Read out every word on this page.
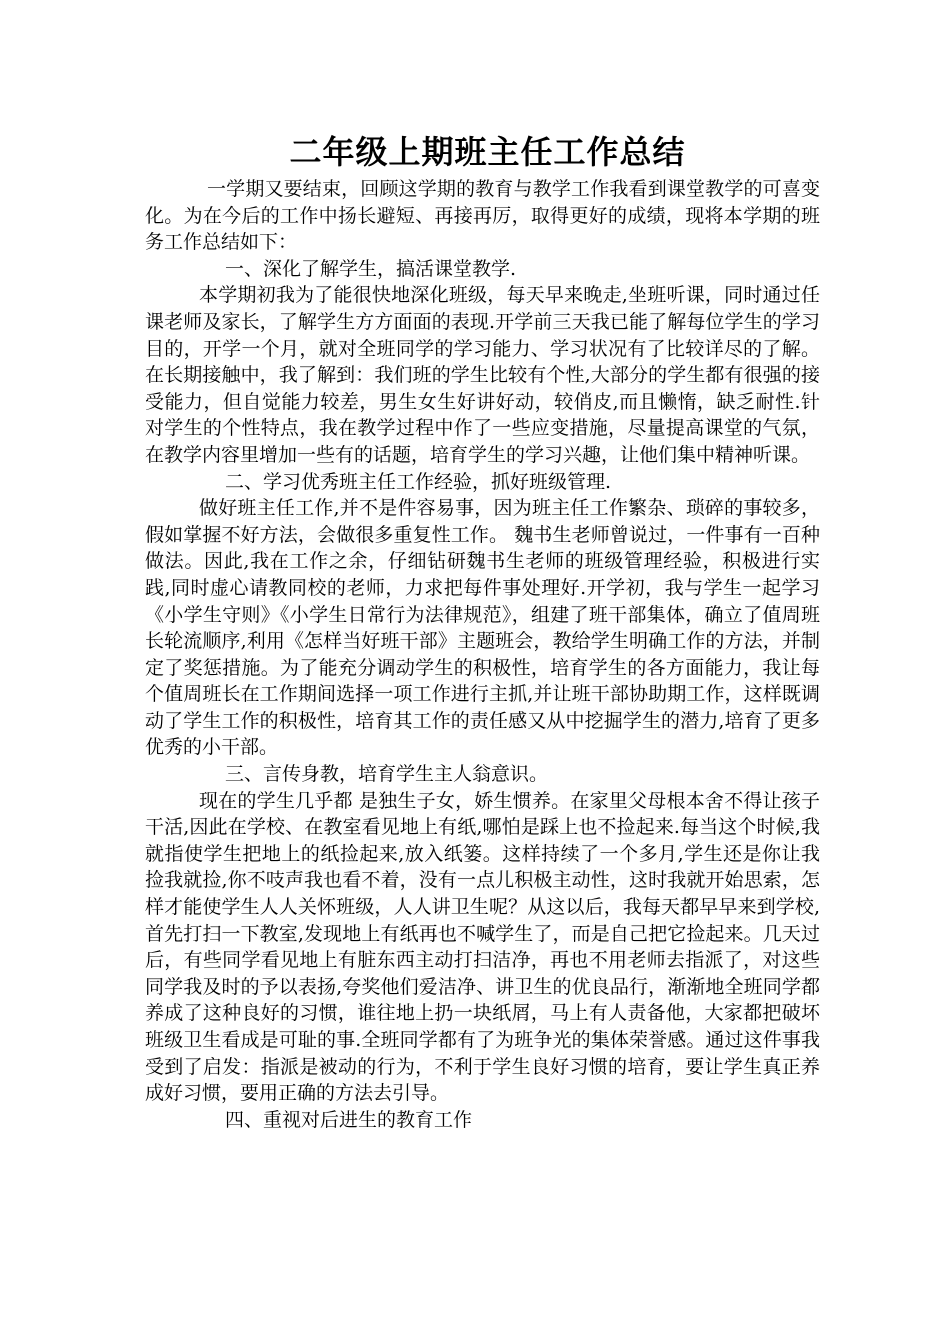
二年级上期班主任工作总结

一学期又要结束，回顾这学期的教育与教学工作我看到课堂教学的可喜变化。为在今后的工作中扬长避短、再接再厉，取得更好的成绩，现将本学期的班务工作总结如下：

一、深化了解学生，搞活课堂教学.

本学期初我为了能很快地深化班级，每天早来晚走,坐班听课，同时通过任课老师及家长，了解学生方方面面的表现.开学前三天我已能了解每位学生的学习目的，开学一个月，就对全班同学的学习能力、学习状况有了比较详尽的了解。在长期接触中，我了解到：我们班的学生比较有个性,大部分的学生都有很强的接受能力，但自觉能力较差，男生女生好讲好动，较俏皮,而且懒惰，缺乏耐性.针对学生的个性特点，我在教学过程中作了一些应变措施，尽量提高课堂的气氛，在教学内容里增加一些有的话题，培育学生的学习兴趣，让他们集中精神听课。

二、学习优秀班主任工作经验，抓好班级管理.

做好班主任工作,并不是件容易事，因为班主任工作繁杂、琐碎的事较多，假如掌握不好方法，会做很多重复性工作。 魏书生老师曾说过，一件事有一百种做法。因此,我在工作之余，仔细钻研魏书生老师的班级管理经验，积极进行实践,同时虚心请教同校的老师，力求把每件事处理好.开学初，我与学生一起学习《小学生守则》《小学生日常行为法律规范》，组建了班干部集体，确立了值周班长轮流顺序,利用《怎样当好班干部》主题班会，教给学生明确工作的方法，并制定了奖惩措施。为了能充分调动学生的积极性，培育学生的各方面能力，我让每个值周班长在工作期间选择一项工作进行主抓,并让班干部协助期工作，这样既调动了学生工作的积极性，培育其工作的责任感又从中挖掘学生的潜力,培育了更多优秀的小干部。

三、言传身教，培育学生主人翁意识。

现在的学生几乎都 是独生子女，娇生惯养。在家里父母根本舍不得让孩子干活,因此在学校、在教室看见地上有纸,哪怕是踩上也不捡起来.每当这个时候,我就指使学生把地上的纸捡起来,放入纸篓。这样持续了一个多月,学生还是你让我捡我就捡,你不吱声我也看不着，没有一点儿积极主动性，这时我就开始思索，怎样才能使学生人人关怀班级，人人讲卫生呢？从这以后，我每天都早早来到学校,首先打扫一下教室,发现地上有纸再也不喊学生了，而是自己把它捡起来。几天过后，有些同学看见地上有脏东西主动打扫洁净，再也不用老师去指派了，对这些同学我及时的予以表扬,夸奖他们爱洁净、讲卫生的优良品行，渐渐地全班同学都养成了这种良好的习惯，谁往地上扔一块纸屑，马上有人责备他，大家都把破坏班级卫生看成是可耻的事.全班同学都有了为班争光的集体荣誉感。通过这件事我受到了启发：指派是被动的行为，不利于学生良好习惯的培育，要让学生真正养成好习惯，要用正确的方法去引导。

四、重视对后进生的教育工作
